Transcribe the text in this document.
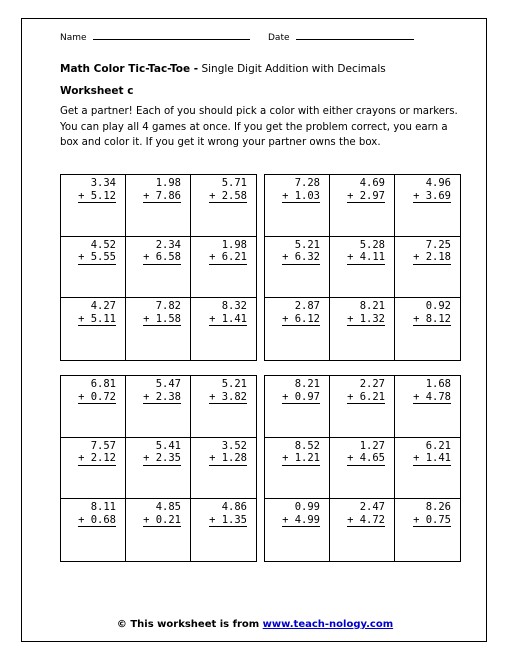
Name	Date
Math Color Tic-Tac-Toe - Single Digit Addition with Decimals
Worksheet c
Get a partner! Each of you should pick a color with either crayons or markers. You can play all 4 games at once. If you get the problem correct, you earn a box and color it. If you get it wrong your partner owns the box.
3.34
+ 5.12
1.98
+ 7.86
5.71
+ 2.58
4.52
+ 5.55
2.34
+ 6.58
1.98
+ 6.21
4.27
+ 5.11
7.82
+ 1.58
8.32
+ 1.41
7.28
+ 1.03
4.69
+ 2.97
4.96
+ 3.69
5.21
+ 6.32
5.28
+ 4.11
7.25
+ 2.18
2.87
+ 6.12
8.21
+ 1.32
0.92
+ 8.12
6.81
+ 0.72
5.47
+ 2.38
5.21
+ 3.82
7.57
+ 2.12
5.41
+ 2.35
3.52
+ 1.28
8.11
+ 0.68
4.85
+ 0.21
4.86
+ 1.35
8.21
+ 0.97
2.27
+ 6.21
1.68
+ 4.78
8.52
+ 1.21
1.27
+ 4.65
6.21
+ 1.41
0.99
+ 4.99
2.47
+ 4.72
8.26
+ 0.75
© This worksheet is from www.teach-nology.com
